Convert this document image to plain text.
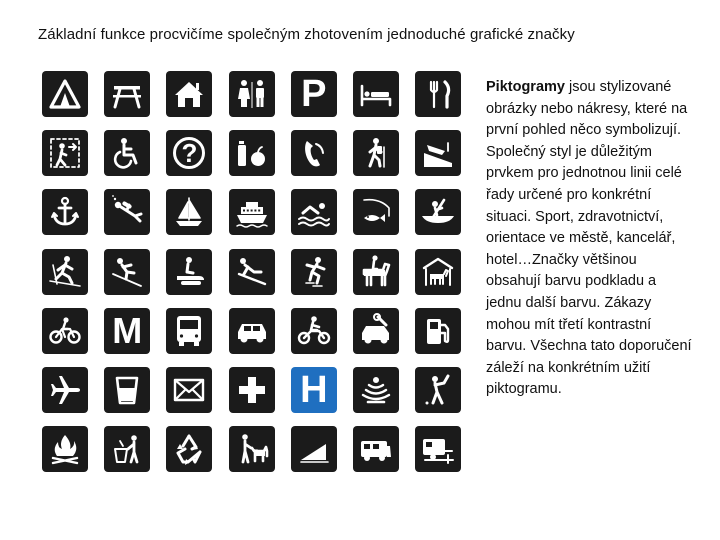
Základní funkce procvičíme společným zhotovením jednoduché grafické značky
P
?
M
H
Piktogramy jsou stylizované obrázky nebo nákresy, které na první pohled něco symbolizují. Společný styl je důležitým prvkem pro jednotnou linii celé řady určené pro konkrétní situaci. Sport, zdravotnictví, orientace ve městě, kancelář, hotel…Značky většinou obsahují barvu podkladu a jednu další barvu. Zákazy mohou mít třetí kontrastní barvu. Všechna tato doporučení záleží na konkrétním užití piktogramu.
